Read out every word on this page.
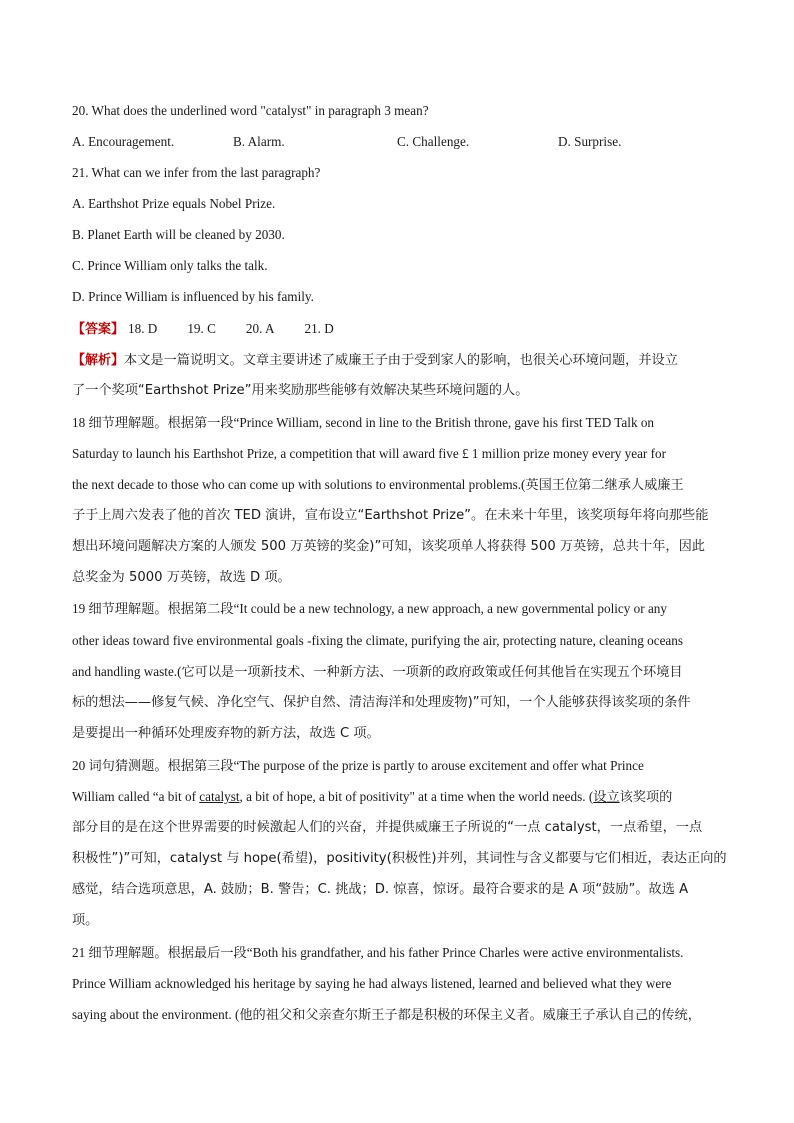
20. What does the underlined word "catalyst" in paragraph 3 mean?
A. Encouragement.	B. Alarm.	C. Challenge.	D. Surprise.
21. What can we infer from the last paragraph?
A. Earthshot Prize equals Nobel Prize.
B. Planet Earth will be cleaned by 2030.
C. Prince William only talks the talk.
D. Prince William is influenced by his family.
【答案】 18. D 19. C 20. A 21. D
【解析】本文是一篇说明文。文章主要讲述了威廉王子由于受到家人的影响，也很关心环境问题，并设立
了一个奖项“Earthshot Prize”用来奖励那些能够有效解决某些环境问题的人。
18 细节理解题。根据第一段“Prince William, second in line to the British throne, gave his first TED Talk on
Saturday to launch his Earthshot Prize, a competition that will award five £ 1 million prize money every year for
the next decade to those who can come up with solutions to environmental problems.(英国王位第二继承人威廉王
子于上周六发表了他的首次 TED 演讲，宣布设立“Earthshot Prize”。在未来十年里，该奖项每年将向那些能
想出环境问题解决方案的人颁发 500 万英镑的奖金)”可知，该奖项单人将获得 500 万英镑，总共十年，因此
总奖金为 5000 万英镑，故选 D 项。
19 细节理解题。根据第二段“It could be a new technology, a new approach, a new governmental policy or any
other ideas toward five environmental goals -fixing the climate, purifying the air, protecting nature, cleaning oceans
and handling waste.(它可以是一项新技术、一种新方法、一项新的政府政策或任何其他旨在实现五个环境目
标的想法——修复气候、净化空气、保护自然、清洁海洋和处理废物)”可知，一个人能够获得该奖项的条件
是要提出一种循环处理废弃物的新方法，故选 C 项。
20 词句猜测题。根据第三段“The purpose of the prize is partly to arouse excitement and offer what Prince
William called “a bit of catalyst, a bit of hope, a bit of positivity" at a time when the world needs. (设立该奖项的
部分目的是在这个世界需要的时候激起人们的兴奋，并提供威廉王子所说的“一点 catalyst，一点希望，一点
积极性”)”可知，catalyst 与 hope(希望)，positivity(积极性)并列，其词性与含义都要与它们相近，表达正向的
感觉，结合选项意思，A. 鼓励；B. 警告；C. 挑战；D. 惊喜，惊讶。最符合要求的是 A 项“鼓励”。故选 A
项。
21 细节理解题。根据最后一段“Both his grandfather, and his father Prince Charles were active environmentalists.
Prince William acknowledged his heritage by saying he had always listened, learned and believed what they were
saying about the environment. (他的祖父和父亲查尔斯王子都是积极的环保主义者。威廉王子承认自己的传统，
